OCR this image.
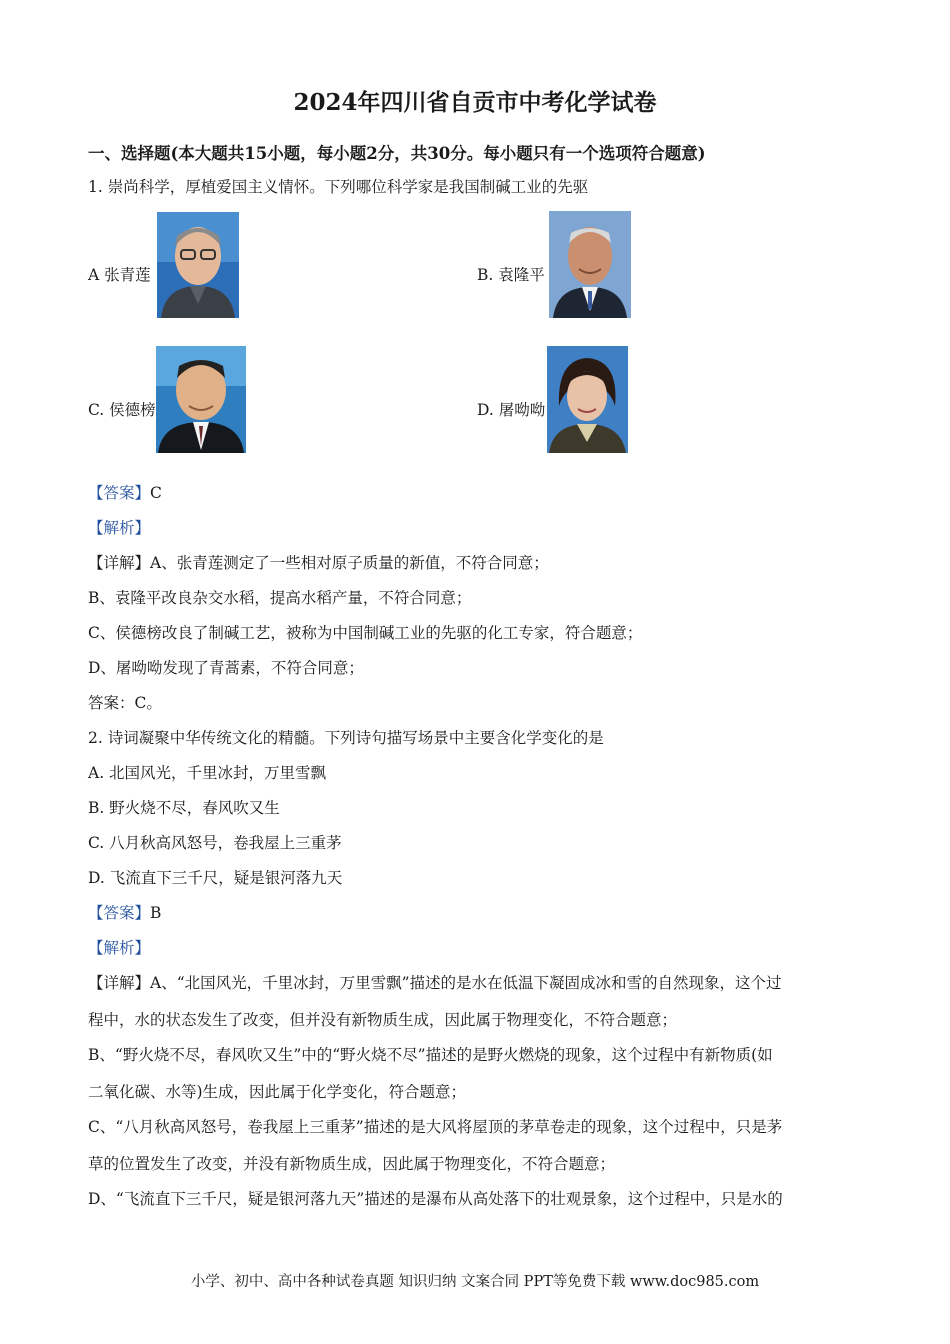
2024年四川省自贡市中考化学试卷
一、选择题(本大题共15小题，每小题2分，共30分。每小题只有一个选项符合题意)
1. 崇尚科学，厚植爱国主义情怀。下列哪位科学家是我国制碱工业的先驱
A 张青莲	B. 袁隆平
C. 侯德榜	D. 屠呦呦
【答案】C
【解析】
【详解】A、张青莲测定了一些相对原子质量的新值，不符合同意；
B、袁隆平改良杂交水稻，提高水稻产量，不符合同意；
C、侯德榜改良了制碱工艺，被称为中国制碱工业的先驱的化工专家，符合题意；
D、屠呦呦发现了青蒿素，不符合同意；
答案：C。
2. 诗词凝聚中华传统文化的精髓。下列诗句描写场景中主要含化学变化的是
A. 北国风光，千里冰封，万里雪飘
B. 野火烧不尽，春风吹又生
C. 八月秋高风怒号，卷我屋上三重茅
D. 飞流直下三千尺，疑是银河落九天
【答案】B
【解析】
【详解】A、“北国风光，千里冰封，万里雪飘”描述的是水在低温下凝固成冰和雪的自然现象，这个过
程中，水的状态发生了改变，但并没有新物质生成，因此属于物理变化，不符合题意；
B、“野火烧不尽，春风吹又生”中的“野火烧不尽”描述的是野火燃烧的现象，这个过程中有新物质(如
二氧化碳、水等)生成，因此属于化学变化，符合题意；
C、“八月秋高风怒号，卷我屋上三重茅”描述的是大风将屋顶的茅草卷走的现象，这个过程中，只是茅
草的位置发生了改变，并没有新物质生成，因此属于物理变化，不符合题意；
D、“飞流直下三千尺，疑是银河落九天”描述的是瀑布从高处落下的壮观景象，这个过程中，只是水的
小学、初中、高中各种试卷真题 知识归纳 文案合同 PPT等免费下载 www.doc985.com
